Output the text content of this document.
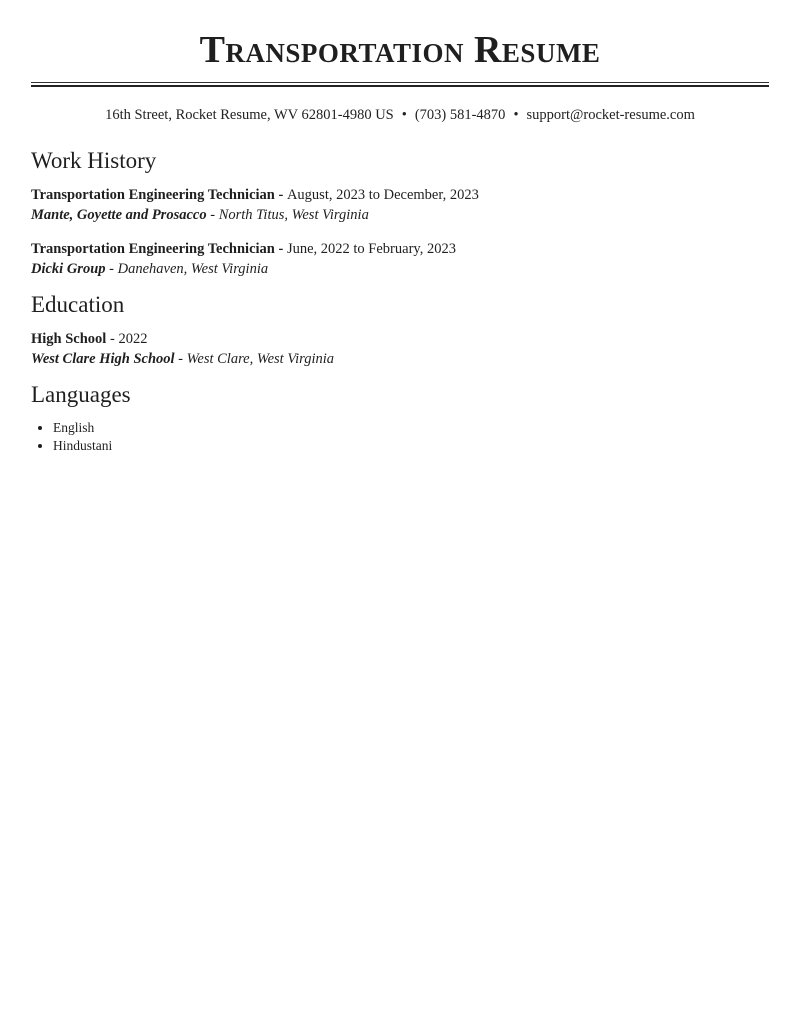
Transportation Resume
16th Street, Rocket Resume, WV 62801-4980 US • (703) 581-4870 • support@rocket-resume.com
Work History
Transportation Engineering Technician - August, 2023 to December, 2023
Mante, Goyette and Prosacco - North Titus, West Virginia
Transportation Engineering Technician - June, 2022 to February, 2023
Dicki Group - Danehaven, West Virginia
Education
High School - 2022
West Clare High School - West Clare, West Virginia
Languages
• English
• Hindustani
